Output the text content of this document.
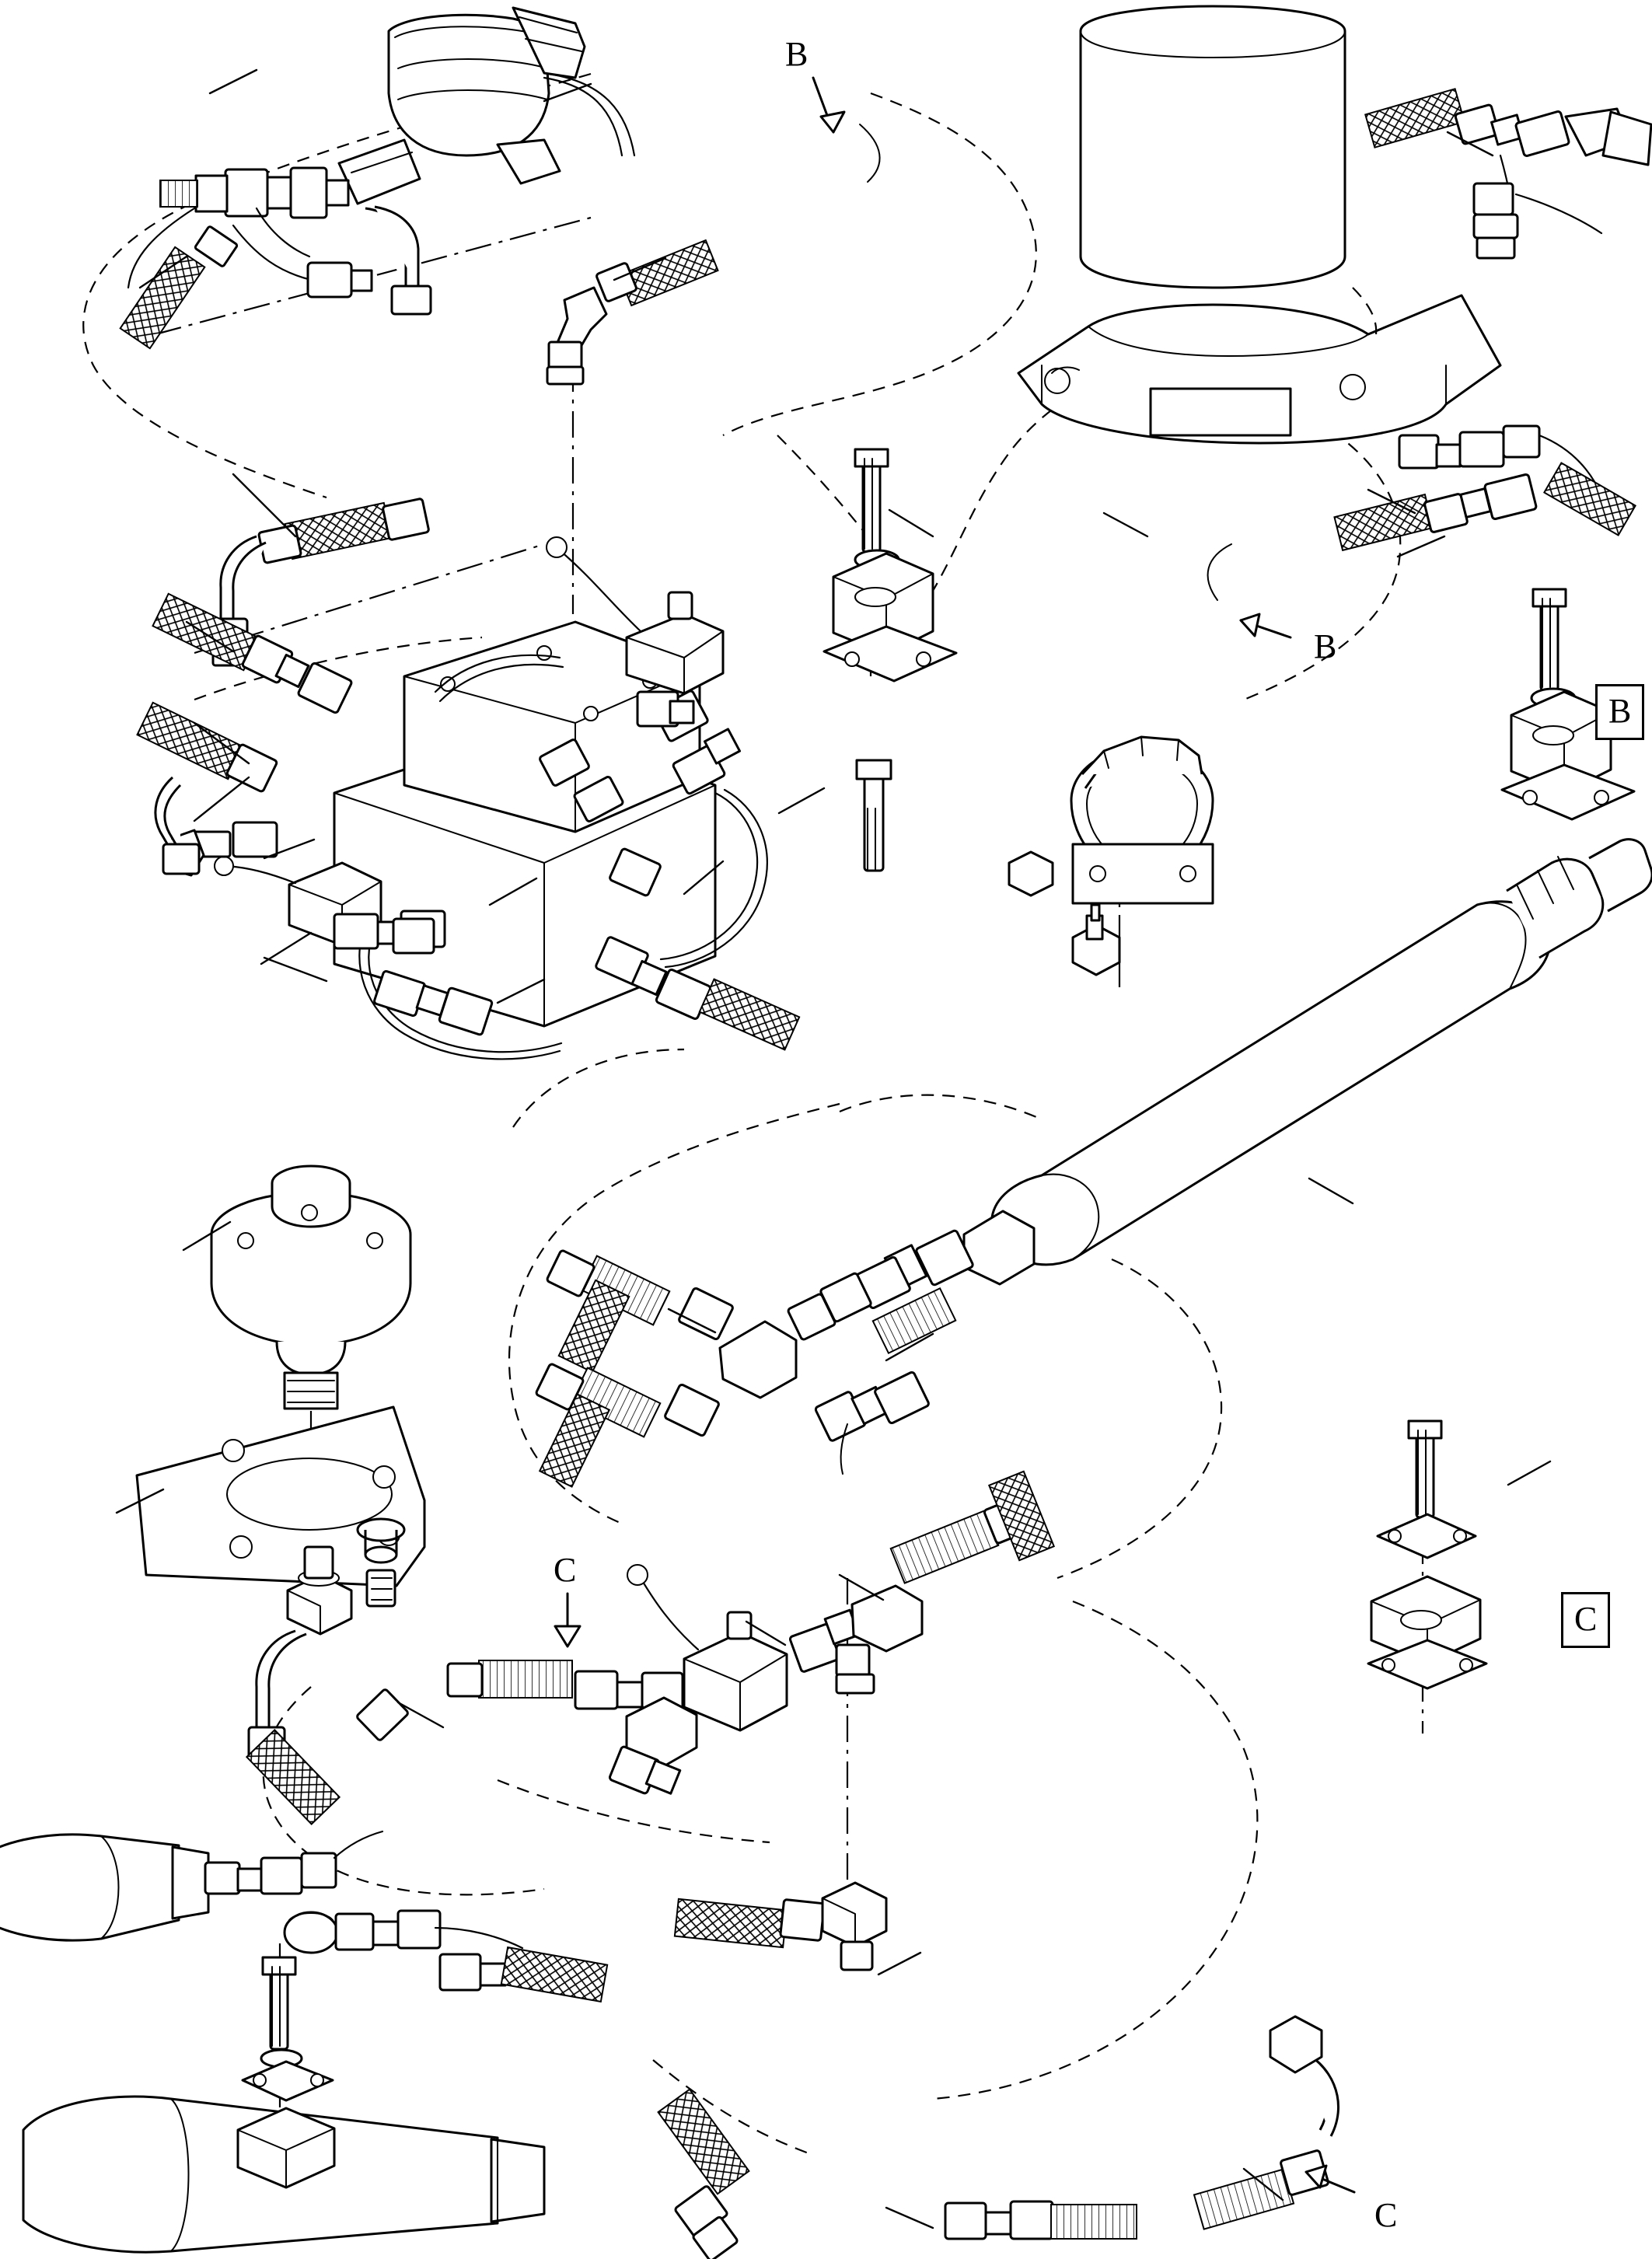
B
B
B
C
C
C
